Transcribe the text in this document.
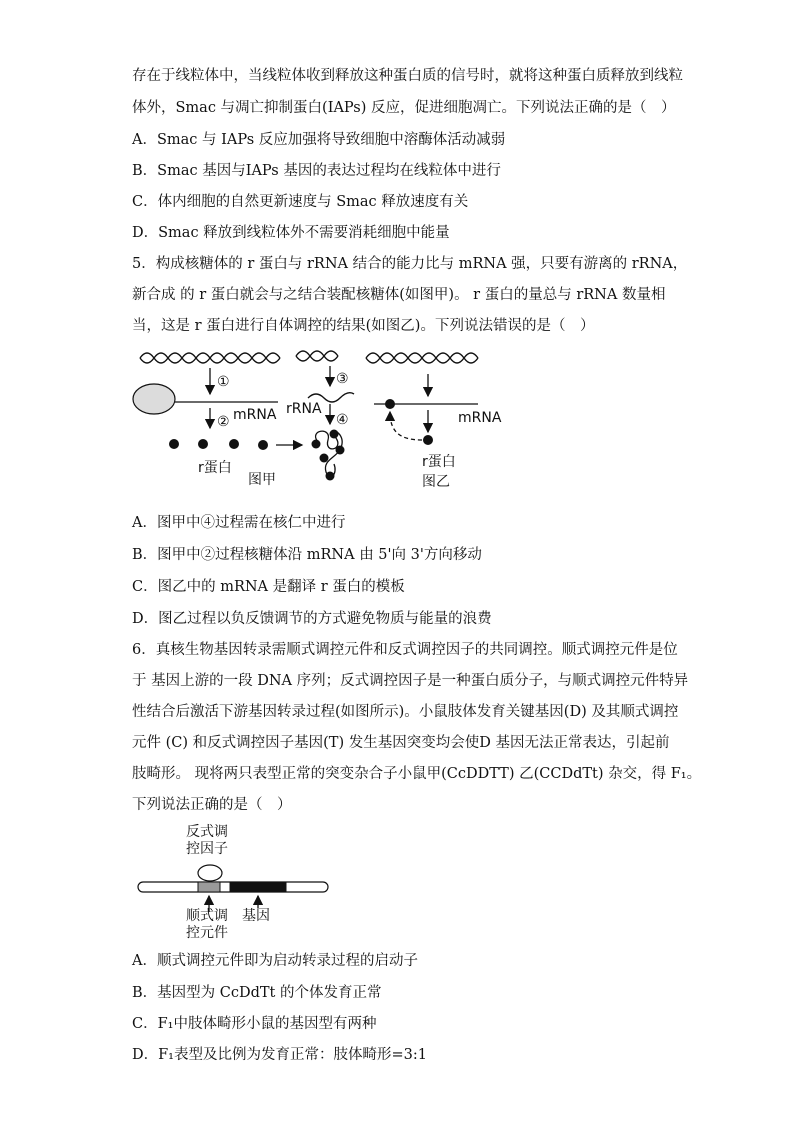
存在于线粒体中，当线粒体收到释放这种蛋白质的信号时，就将这种蛋白质释放到线粒
体外，Smac 与凋亡抑制蛋白(IAPs) 反应，促进细胞凋亡。下列说法正确的是（　）
A．Smac 与 IAPs 反应加强将导致细胞中溶酶体活动减弱
B．Smac 基因与IAPs 基因的表达过程均在线粒体中进行
C．体内细胞的自然更新速度与 Smac 释放速度有关
D．Smac 释放到线粒体外不需要消耗细胞中能量
5．构成核糖体的 r 蛋白与 rRNA 结合的能力比与 mRNA 强，只要有游离的 rRNA，
新合成 的 r 蛋白就会与之结合装配核糖体(如图甲)。 r 蛋白的量总与 rRNA 数量相
当，这是 r 蛋白进行自体调控的结果(如图乙)。下列说法错误的是（　）
①
② mRNA
r蛋白
③
rRNA
④
图甲
mRNA
r蛋白
图乙
A．图甲中④过程需在核仁中进行
B．图甲中②过程核糖体沿 mRNA 由 5'向 3'方向移动
C．图乙中的 mRNA 是翻译 r 蛋白的模板
D．图乙过程以负反馈调节的方式避免物质与能量的浪费
6．真核生物基因转录需顺式调控元件和反式调控因子的共同调控。顺式调控元件是位
于 基因上游的一段 DNA 序列；反式调控因子是一种蛋白质分子，与顺式调控元件特异
性结合后激活下游基因转录过程(如图所示)。小鼠肢体发育关键基因(D) 及其顺式调控
元件 (C) 和反式调控因子基因(T) 发生基因突变均会使D 基因无法正常表达，引起前
肢畸形。 现将两只表型正常的突变杂合子小鼠甲(CcDDTT) 乙(CCDdTt) 杂交，得 F₁。
下列说法正确的是（　）
反式调
控因子
顺式调
控元件
基因
A．顺式调控元件即为启动转录过程的启动子
B．基因型为 CcDdTt 的个体发育正常
C．F₁中肢体畸形小鼠的基因型有两种
D．F₁表型及比例为发育正常：肢体畸形=3:1
